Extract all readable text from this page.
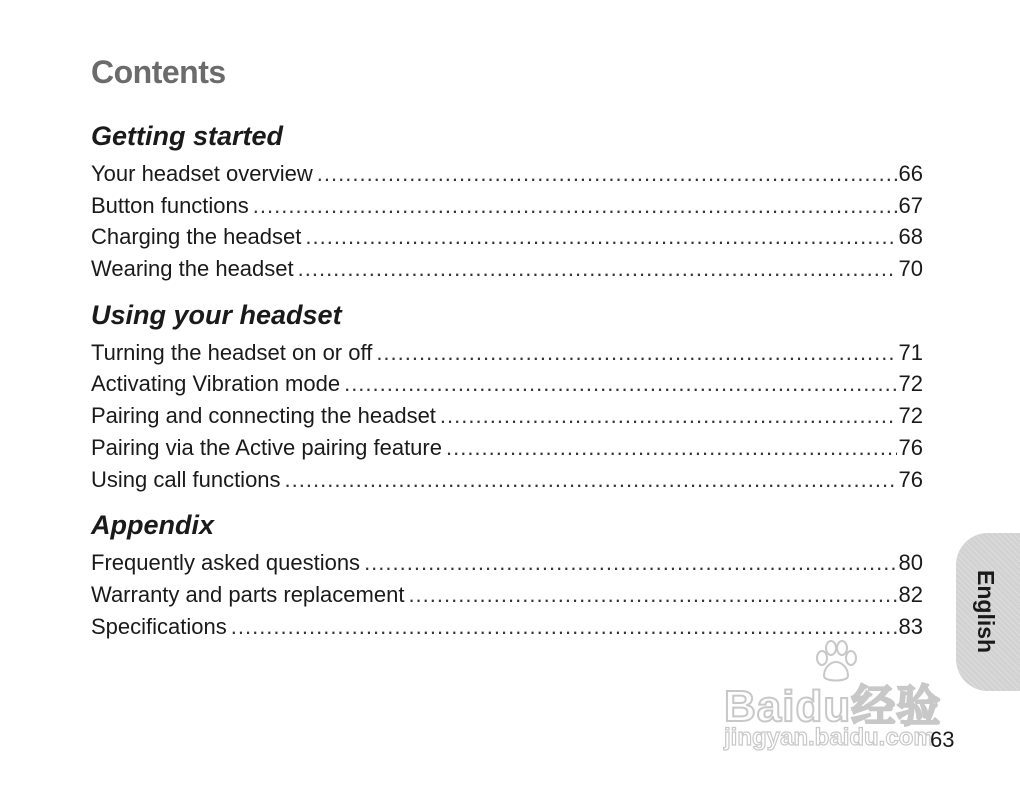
Contents
Getting started
Your headset overview .....	66
Button functions .....	67
Charging the headset .....	68
Wearing the headset .....	70
Using your headset
Turning the headset on or off .....	71
Activating Vibration mode .....	72
Pairing and connecting the headset .....	72
Pairing via the Active pairing feature .....	76
Using call functions .....	76
Appendix
Frequently asked questions .....	80
Warranty and parts replacement .....	82
Specifications .....	83 English
Baidu经验
jingyan.baidu.com
63
